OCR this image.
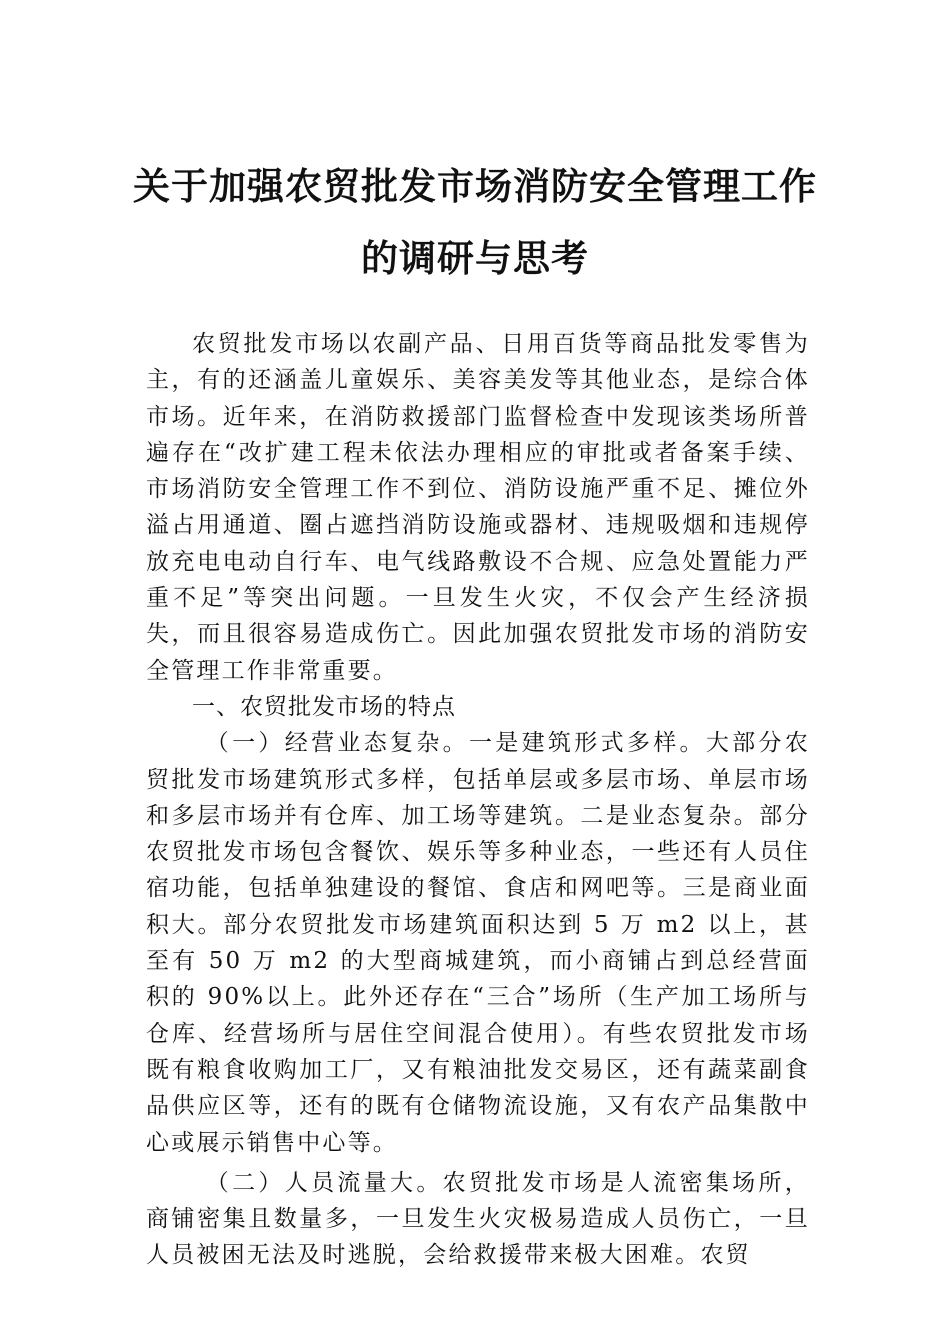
关于加强农贸批发市场消防安全管理工作
的调研与思考

农贸批发市场以农副产品、日用百货等商品批发零售为主，有的还涵盖儿童娱乐、美容美发等其他业态，是综合体市场。近年来，在消防救援部门监督检查中发现该类场所普遍存在“改扩建工程未依法办理相应的审批或者备案手续、市场消防安全管理工作不到位、消防设施严重不足、摊位外溢占用通道、圈占遮挡消防设施或器材、违规吸烟和违规停放充电电动自行车、电气线路敷设不合规、应急处置能力严重不足”等突出问题。一旦发生火灾，不仅会产生经济损失，而且很容易造成伤亡。因此加强农贸批发市场的消防安全管理工作非常重要。

一、农贸批发市场的特点

（一）经营业态复杂。一是建筑形式多样。大部分农贸批发市场建筑形式多样，包括单层或多层市场、单层市场和多层市场并有仓库、加工场等建筑。二是业态复杂。部分农贸批发市场包含餐饮、娱乐等多种业态，一些还有人员住宿功能，包括单独建设的餐馆、食店和网吧等。三是商业面积大。部分农贸批发市场建筑面积达到 5 万 m2 以上，甚至有 50 万 m2 的大型商城建筑，而小商铺占到总经营面积的 90%以上。此外还存在“三合”场所（生产加工场所与仓库、经营场所与居住空间混合使用）。有些农贸批发市场既有粮食收购加工厂，又有粮油批发交易区，还有蔬菜副食品供应区等，还有的既有仓储物流设施，又有农产品集散中心或展示销售中心等。

（二）人员流量大。农贸批发市场是人流密集场所，商铺密集且数量多，一旦发生火灾极易造成人员伤亡，一旦人员被困无法及时逃脱，会给救援带来极大困难。农贸
